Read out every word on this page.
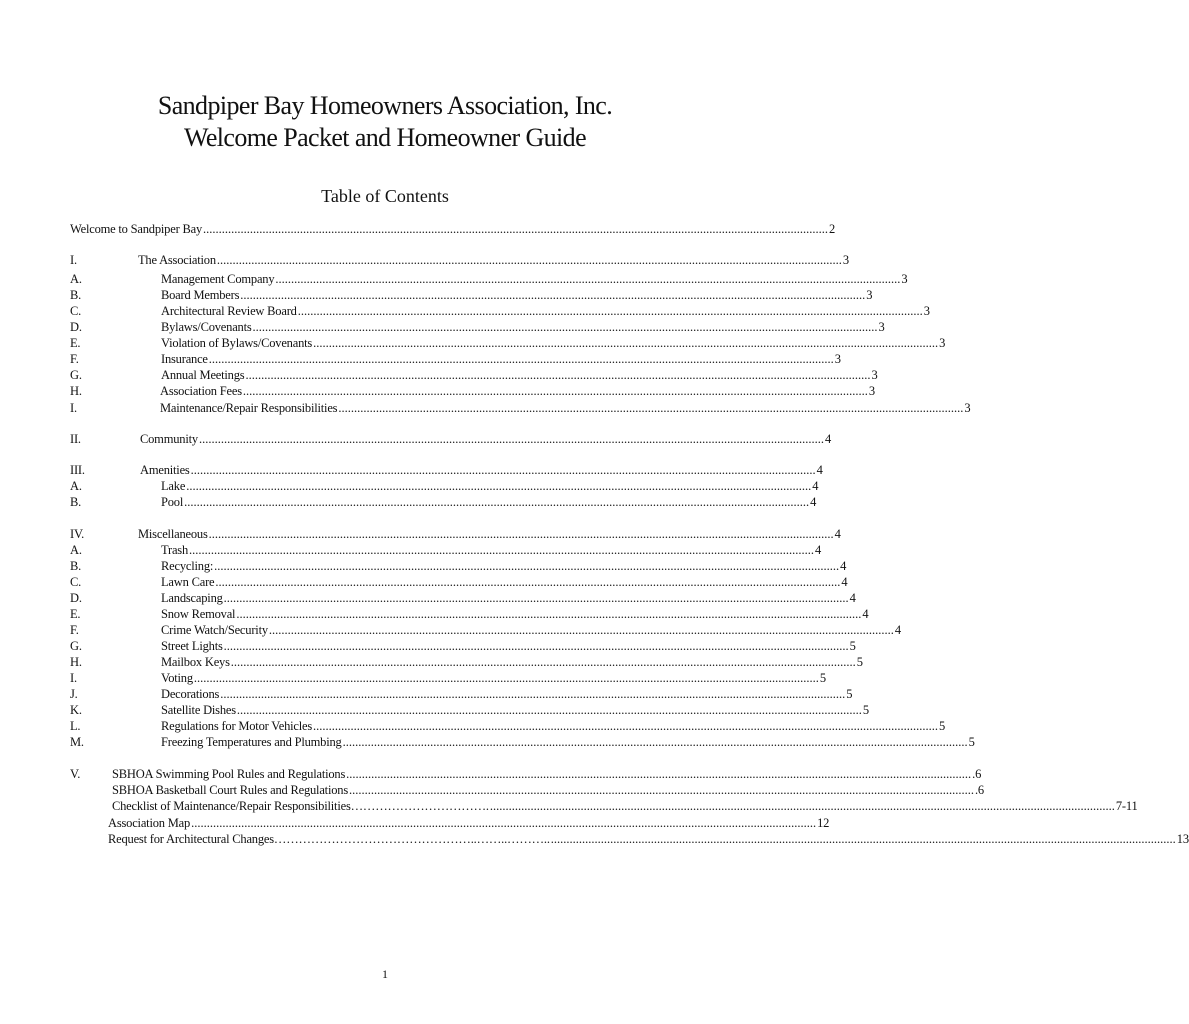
Sandpiper Bay Homeowners Association, Inc.
Welcome Packet and Homeowner Guide
Table of Contents
Welcome to Sandpiper Bay ........................................................................................................................................................................................................ 2
I.	The Association ........................................................................................................................................................................................................ 3
A.	Management Company ........................................................................................................................................................................................................ 3
B.	Board Members ........................................................................................................................................................................................................ 3
C.	Architectural Review Board ........................................................................................................................................................................................................ 3
D.	Bylaws/Covenants ........................................................................................................................................................................................................ 3
E.	Violation of Bylaws/Covenants ........................................................................................................................................................................................................ 3
F.	Insurance ........................................................................................................................................................................................................ 3
G.	Annual Meetings ........................................................................................................................................................................................................ 3
H.	Association Fees ........................................................................................................................................................................................................ 3
I.	Maintenance/Repair Responsibilities ........................................................................................................................................................................................................ 3
II.	Community ........................................................................................................................................................................................................ 4
III.	Amenities ........................................................................................................................................................................................................ 4
A.	Lake ........................................................................................................................................................................................................ 4
B.	Pool ........................................................................................................................................................................................................ 4
IV.	Miscellaneous ........................................................................................................................................................................................................ 4
A.	Trash ........................................................................................................................................................................................................ 4
B.	Recycling: ........................................................................................................................................................................................................ 4
C.	Lawn Care ........................................................................................................................................................................................................ 4
D.	Landscaping ........................................................................................................................................................................................................ 4
E.	Snow Removal ........................................................................................................................................................................................................ 4
F.	Crime Watch/Security ........................................................................................................................................................................................................ 4
G.	Street Lights ........................................................................................................................................................................................................ 5
H.	Mailbox Keys ........................................................................................................................................................................................................ 5
I.	Voting ........................................................................................................................................................................................................ 5
J.	Decorations ........................................................................................................................................................................................................ 5
K.	Satellite Dishes ........................................................................................................................................................................................................ 5
L.	Regulations for Motor Vehicles ........................................................................................................................................................................................................ 5
M.	Freezing Temperatures and Plumbing ........................................................................................................................................................................................................ 5
V.	SBHOA Swimming Pool Rules and Regulations ........................................................................................................................................................................................................ .6
SBHOA Basketball Court Rules and Regulations ........................................................................................................................................................................................................ .6
Checklist of Maintenance/Repair Responsibilities……………………………. ........................................................................................................................................................................................................ 7-11
Association Map ........................................................................................................................................................................................................ 12
Request for Architectural Changes…………………………………………..……..……….. ........................................................................................................................................................................................................ 13
1
